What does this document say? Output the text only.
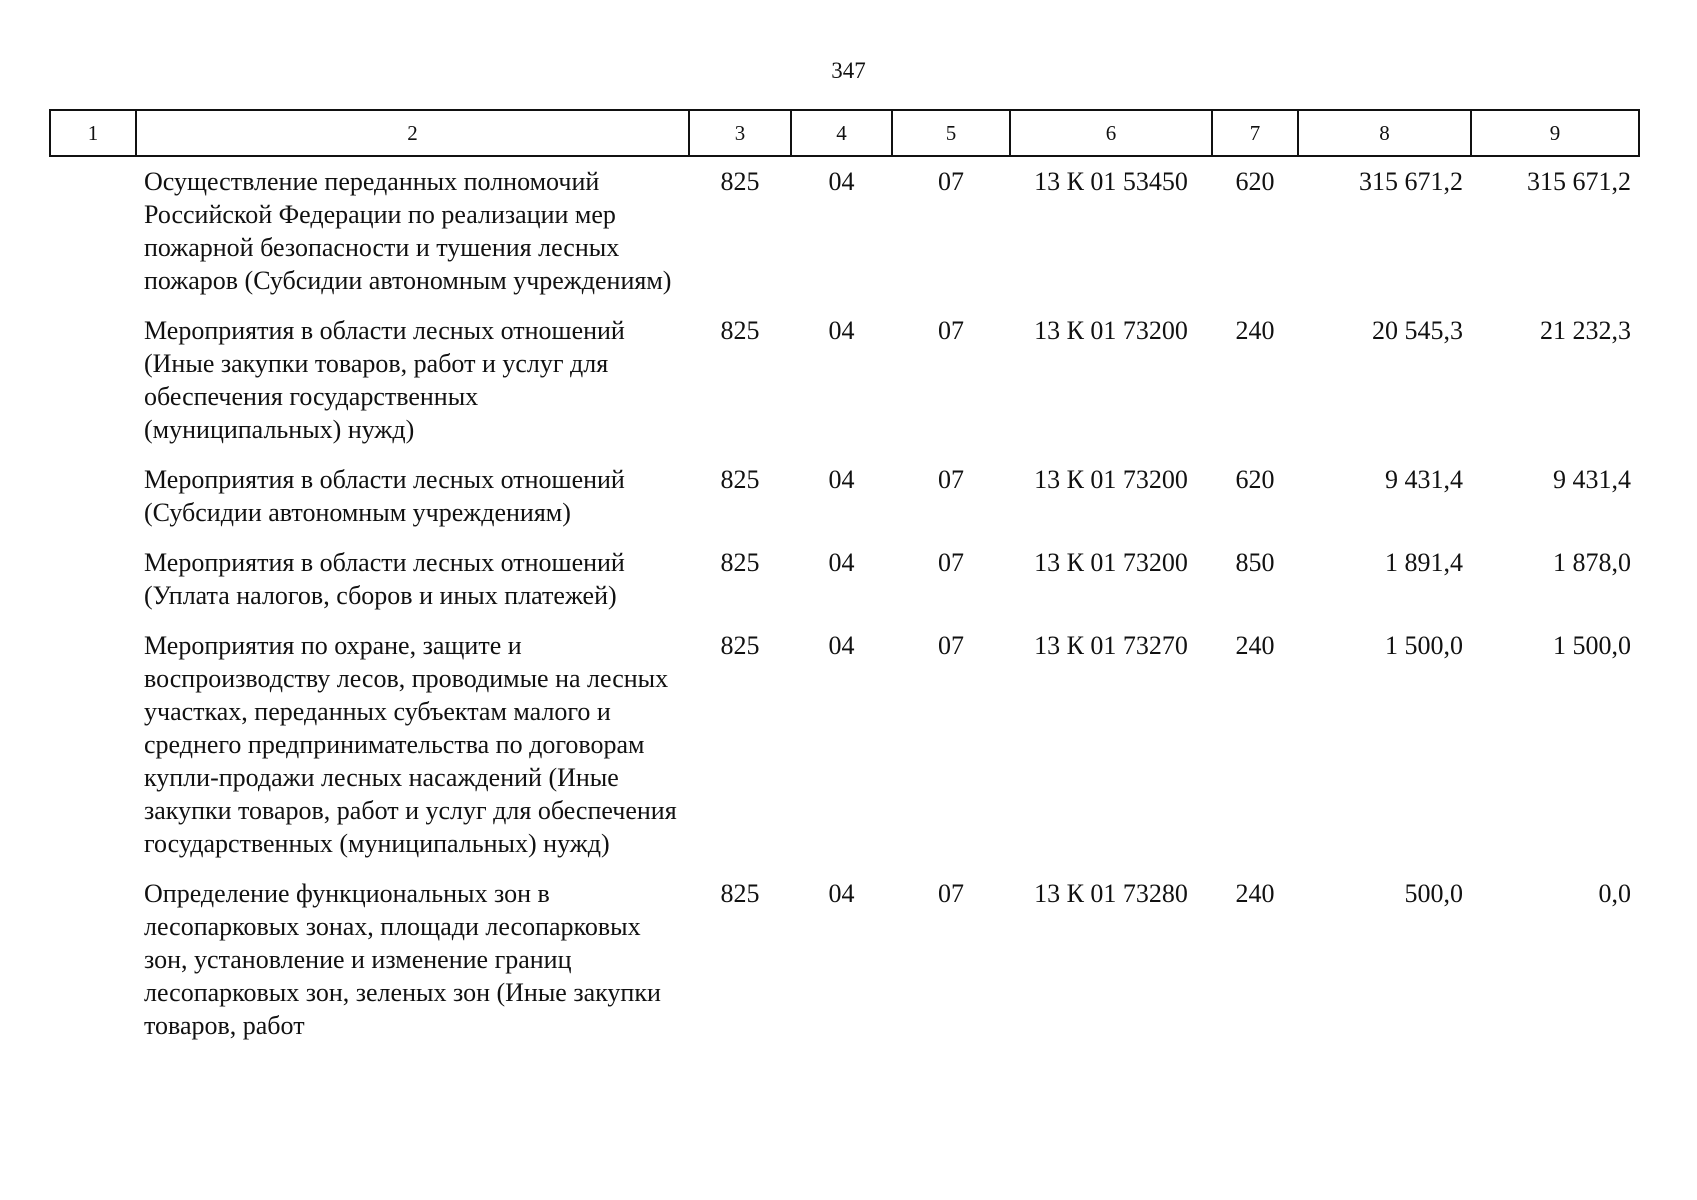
347
1	2	3	4	5	6	7	8	9
	Осуществление переданных полномочий Российской Федерации по реализации мер пожарной безопасности и тушения лесных пожаров (Субсидии автономным учреждениям)	825	04	07	13 К 01 53450	620	315 671,2	315 671,2
	Мероприятия в области лесных отношений (Иные закупки товаров, работ и услуг для обеспечения государственных (муниципальных) нужд)	825	04	07	13 К 01 73200	240	20 545,3	21 232,3
	Мероприятия в области лесных отношений (Субсидии автономным учреждениям)	825	04	07	13 К 01 73200	620	9 431,4	9 431,4
	Мероприятия в области лесных отношений (Уплата налогов, сборов и иных платежей)	825	04	07	13 К 01 73200	850	1 891,4	1 878,0
	Мероприятия по охране, защите и воспроизводству лесов, проводимые на лесных участках, переданных субъектам малого и среднего предпринимательства по договорам купли-продажи лесных насаждений (Иные закупки товаров, работ и услуг для обеспечения государственных (муниципальных) нужд)	825	04	07	13 К 01 73270	240	1 500,0	1 500,0
	Определение функциональных зон в лесопарковых зонах, площади лесопарковых зон, установление и изменение границ лесопарковых зон, зеленых зон (Иные закупки товаров, работ	825	04	07	13 К 01 73280	240	500,0	0,0
